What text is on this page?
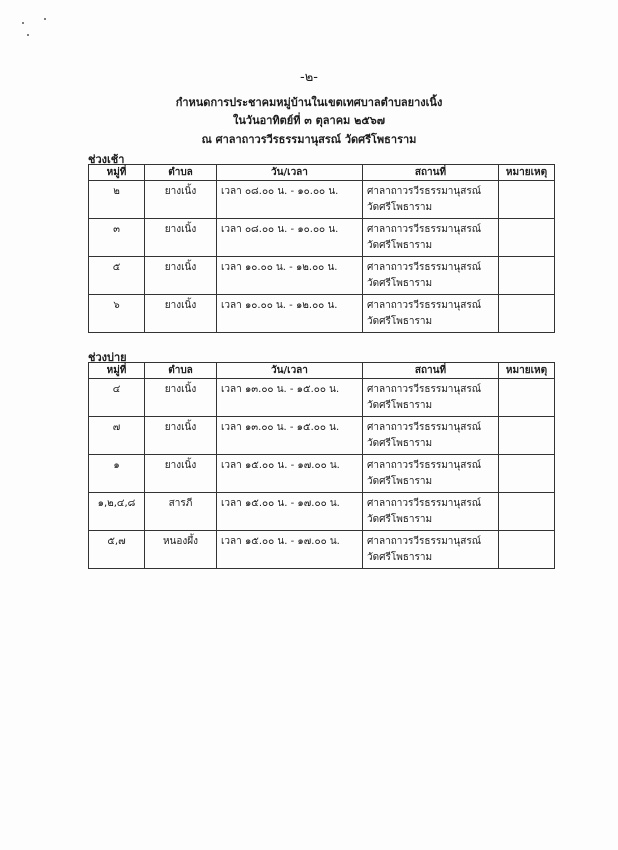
-๒-
กำหนดการประชาคมหมู่บ้านในเขตเทศบาลตำบลยางเนิ้ง
ในวันอาทิตย์ที่ ๓ ตุลาคม ๒๕๖๗
ณ ศาลาถาวรวีรธรรมานุสรณ์ วัดศรีโพธาราม
ช่วงเช้า
หมู่ที่	ตำบล	วัน/เวลา	สถานที่	หมายเหตุ
๒	ยางเนิ้ง	เวลา ๐๘.๐๐ น. - ๑๐.๐๐ น.	ศาลาถาวรวีรธรรมานุสรณ์
วัดศรีโพธาราม	

๓	ยางเนิ้ง	เวลา ๐๘.๐๐ น. - ๑๐.๐๐ น.	ศาลาถาวรวีรธรรมานุสรณ์
วัดศรีโพธาราม	

๕	ยางเนิ้ง	เวลา ๑๐.๐๐ น. - ๑๒.๐๐ น.	ศาลาถาวรวีรธรรมานุสรณ์
วัดศรีโพธาราม	

๖	ยางเนิ้ง	เวลา ๑๐.๐๐ น. - ๑๒.๐๐ น.	ศาลาถาวรวีรธรรมานุสรณ์
วัดศรีโพธาราม	

ช่วงบ่าย
หมู่ที่	ตำบล	วัน/เวลา	สถานที่	หมายเหตุ
๔	ยางเนิ้ง	เวลา ๑๓.๐๐ น. - ๑๕.๐๐ น.	ศาลาถาวรวีรธรรมานุสรณ์
วัดศรีโพธาราม	

๗	ยางเนิ้ง	เวลา ๑๓.๐๐ น. - ๑๕.๐๐ น.	ศาลาถาวรวีรธรรมานุสรณ์
วัดศรีโพธาราม	

๑	ยางเนิ้ง	เวลา ๑๕.๐๐ น. - ๑๗.๐๐ น.	ศาลาถาวรวีรธรรมานุสรณ์
วัดศรีโพธาราม	

๑,๒,๔,๘	สารภี	เวลา ๑๕.๐๐ น. - ๑๗.๐๐ น.	ศาลาถาวรวีรธรรมานุสรณ์
วัดศรีโพธาราม	

๕,๗	หนองผึ้ง	เวลา ๑๕.๐๐ น. - ๑๗.๐๐ น.	ศาลาถาวรวีรธรรมานุสรณ์
วัดศรีโพธาราม	
